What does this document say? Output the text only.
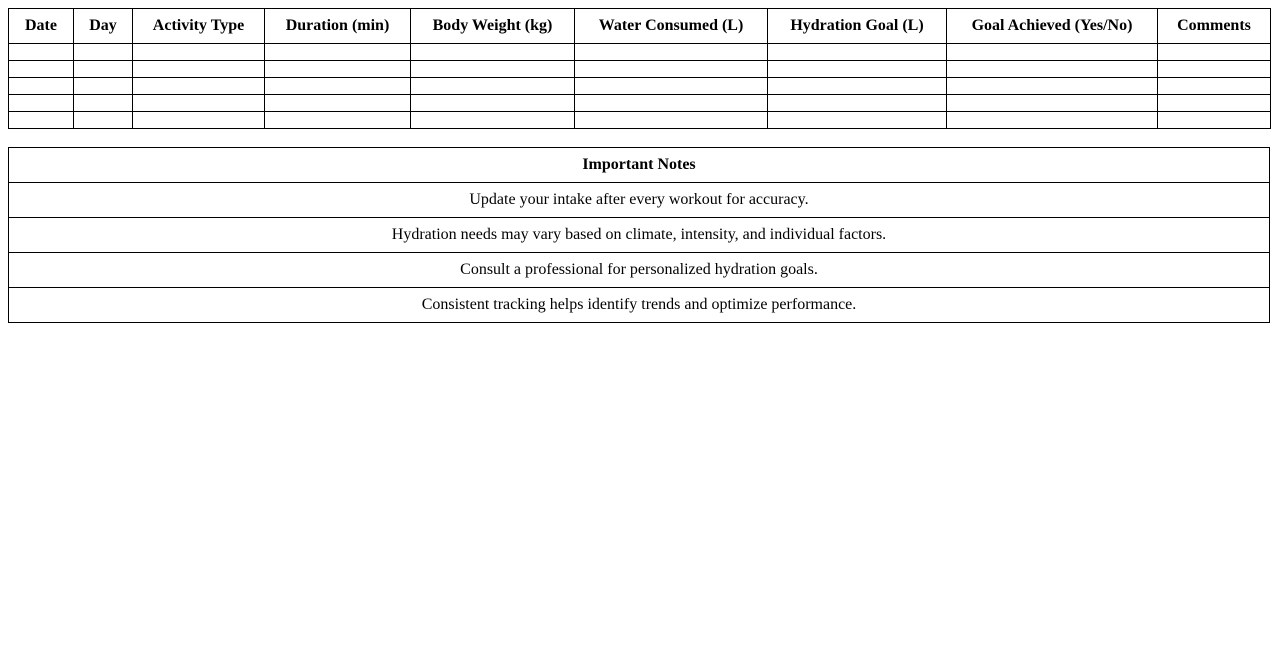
Date	Day	Activity Type	Duration (min)	Body Weight (kg)	Water Consumed (L)	Hydration Goal (L)	Goal Achieved (Yes/No)	Comments

Important Notes
Update your intake after every workout for accuracy.
Hydration needs may vary based on climate, intensity, and individual factors.
Consult a professional for personalized hydration goals.
Consistent tracking helps identify trends and optimize performance.
